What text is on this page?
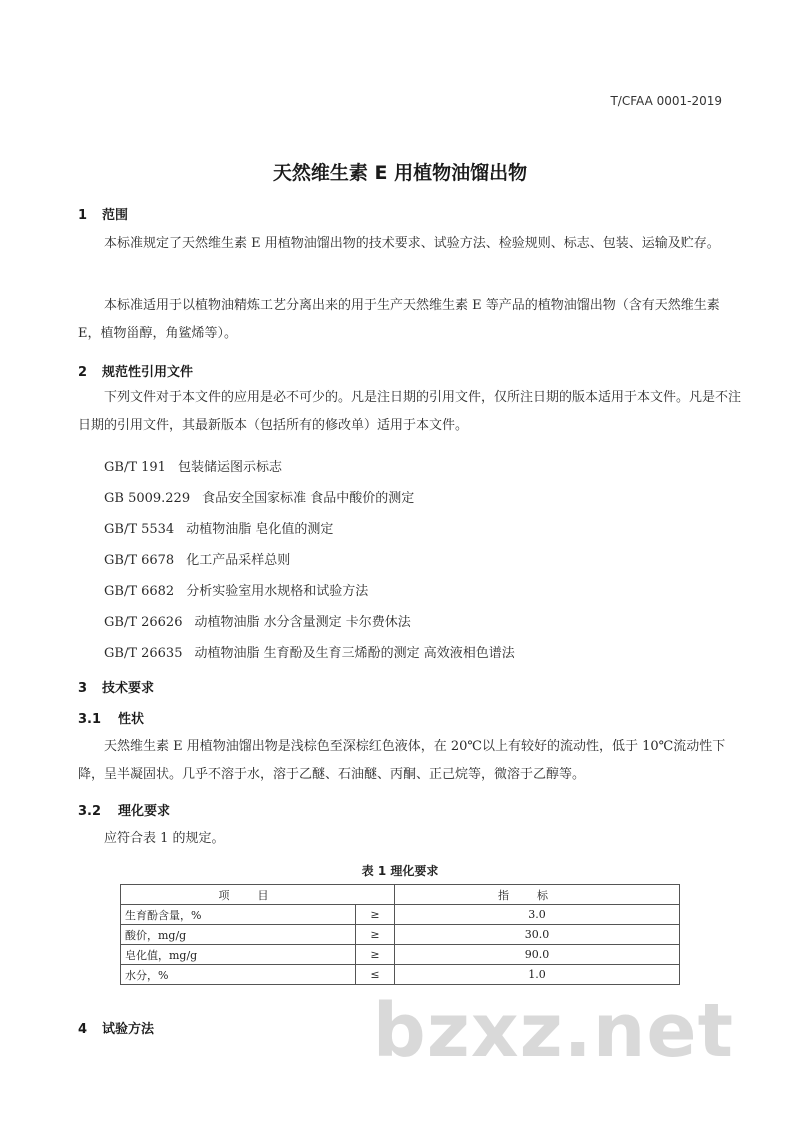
T/CFAA 0001-2019
天然维生素 E 用植物油馏出物
1 范围
本标准规定了天然维生素 E 用植物油馏出物的技术要求、试验方法、检验规则、标志、包装、运输及贮存。
本标准适用于以植物油精炼工艺分离出来的用于生产天然维生素 E 等产品的植物油馏出物（含有天然维生素 E，植物甾醇，角鲨烯等）。
2 规范性引用文件
下列文件对于本文件的应用是必不可少的。凡是注日期的引用文件，仅所注日期的版本适用于本文件。凡是不注日期的引用文件，其最新版本（包括所有的修改单）适用于本文件。
GB/T 191 包装储运图示标志
GB 5009.229 食品安全国家标准 食品中酸价的测定
GB/T 5534 动植物油脂 皂化值的测定
GB/T 6678 化工产品采样总则
GB/T 6682 分析实验室用水规格和试验方法
GB/T 26626 动植物油脂 水分含量测定 卡尔费休法
GB/T 26635 动植物油脂 生育酚及生育三烯酚的测定 高效液相色谱法
3 技术要求
3.1 性状
天然维生素 E 用植物油馏出物是浅棕色至深棕红色液体，在 20℃以上有较好的流动性，低于 10℃流动性下降，呈半凝固状。几乎不溶于水，溶于乙醚、石油醚、丙酮、正己烷等，微溶于乙醇等。
3.2 理化要求
应符合表 1 的规定。
表 1 理化要求
项目		指标
生育酚含量，%	≥	3.0
酸价，mg/g	≥	30.0
皂化值，mg/g	≥	90.0
水分，%	≤	1.0
4 试验方法	bzxz.net
